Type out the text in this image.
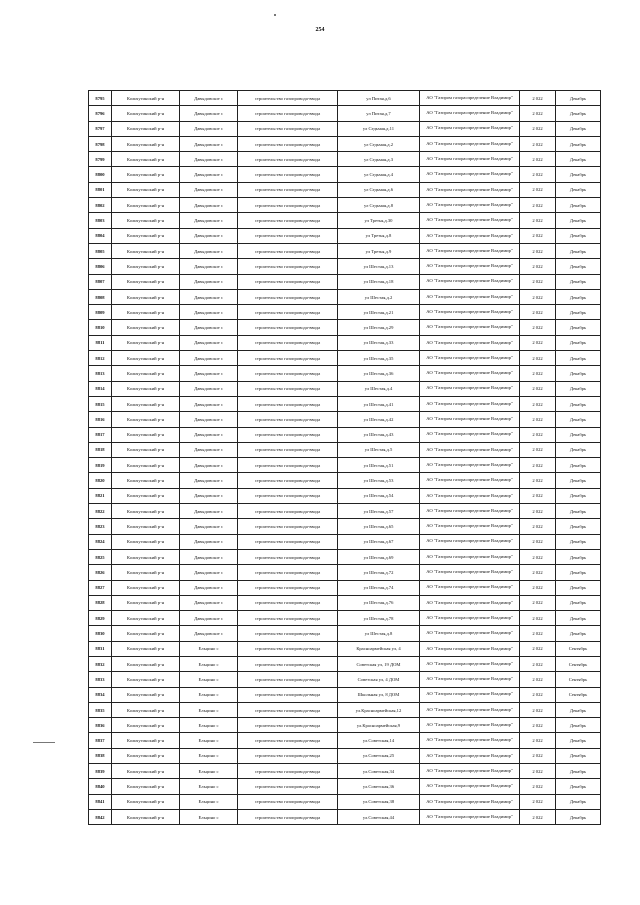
254
8795	Кольчугинский р-н	Давыдовское с	строительство газопровода-ввода	ул Питая,д.6	АО "Газпром газораспределение Владимир"	2 022	Декабрь
8796	Кольчугинский р-н	Давыдовское с	строительство газопровода-ввода	ул Питая,д.7	АО "Газпром газораспределение Владимир"	2 022	Декабрь
8797	Кольчугинский р-н	Давыдовское с	строительство газопровода-ввода	ул Седьмая,д.11	АО "Газпром газораспределение Владимир"	2 022	Декабрь
8798	Кольчугинский р-н	Давыдовское с	строительство газопровода-ввода	ул Седьмая,д.2	АО "Газпром газораспределение Владимир"	2 022	Декабрь
8799	Кольчугинский р-н	Давыдовское с	строительство газопровода-ввода	ул Седьмая,д.3	АО "Газпром газораспределение Владимир"	2 022	Декабрь
8800	Кольчугинский р-н	Давыдовское с	строительство газопровода-ввода	ул Седьмая,д.4	АО "Газпром газораспределение Владимир"	2 022	Декабрь
8801	Кольчугинский р-н	Давыдовское с	строительство газопровода-ввода	ул Седьмая,д.6	АО "Газпром газораспределение Владимир"	2 022	Декабрь
8802	Кольчугинский р-н	Давыдовское с	строительство газопровода-ввода	ул Седьмая,д.8	АО "Газпром газораспределение Владимир"	2 022	Декабрь
8803	Кольчугинский р-н	Давыдовское с	строительство газопровода-ввода	ул Третья,д.30	АО "Газпром газораспределение Владимир"	2 022	Декабрь
8804	Кольчугинский р-н	Давыдовское с	строительство газопровода-ввода	ул Третья,д.8	АО "Газпром газораспределение Владимир"	2 022	Декабрь
8805	Кольчугинский р-н	Давыдовское с	строительство газопровода-ввода	ул Третья,д.9	АО "Газпром газораспределение Владимир"	2 022	Декабрь
8806	Кольчугинский р-н	Давыдовское с	строительство газопровода-ввода	ул Шестая,д.13	АО "Газпром газораспределение Владимир"	2 022	Декабрь
8807	Кольчугинский р-н	Давыдовское с	строительство газопровода-ввода	ул Шестая,д.18	АО "Газпром газораспределение Владимир"	2 022	Декабрь
8808	Кольчугинский р-н	Давыдовское с	строительство газопровода-ввода	ул Шестая,д.2	АО "Газпром газораспределение Владимир"	2 022	Декабрь
8809	Кольчугинский р-н	Давыдовское с	строительство газопровода-ввода	ул Шестая,д.21	АО "Газпром газораспределение Владимир"	2 022	Декабрь
8810	Кольчугинский р-н	Давыдовское с	строительство газопровода-ввода	ул Шестая,д.29	АО "Газпром газораспределение Владимир"	2 022	Декабрь
8811	Кольчугинский р-н	Давыдовское с	строительство газопровода-ввода	ул Шестая,д.33	АО "Газпром газораспределение Владимир"	2 022	Декабрь
8812	Кольчугинский р-н	Давыдовское с	строительство газопровода-ввода	ул Шестая,д.35	АО "Газпром газораспределение Владимир"	2 022	Декабрь
8813	Кольчугинский р-н	Давыдовское с	строительство газопровода-ввода	ул Шестая,д.36	АО "Газпром газораспределение Владимир"	2 022	Декабрь
8814	Кольчугинский р-н	Давыдовское с	строительство газопровода-ввода	ул Шестая,д.4	АО "Газпром газораспределение Владимир"	2 022	Декабрь
8815	Кольчугинский р-н	Давыдовское с	строительство газопровода-ввода	ул Шестая,д.41	АО "Газпром газораспределение Владимир"	2 022	Декабрь
8816	Кольчугинский р-н	Давыдовское с	строительство газопровода-ввода	ул Шестая,д.42	АО "Газпром газораспределение Владимир"	2 022	Декабрь
8817	Кольчугинский р-н	Давыдовское с	строительство газопровода-ввода	ул Шестая,д.43	АО "Газпром газораспределение Владимир"	2 022	Декабрь
8818	Кольчугинский р-н	Давыдовское с	строительство газопровода-ввода	ул Шестая,д.5	АО "Газпром газораспределение Владимир"	2 022	Декабрь
8819	Кольчугинский р-н	Давыдовское с	строительство газопровода-ввода	ул Шестая,д.51	АО "Газпром газораспределение Владимир"	2 022	Декабрь
8820	Кольчугинский р-н	Давыдовское с	строительство газопровода-ввода	ул Шестая,д.53	АО "Газпром газораспределение Владимир"	2 022	Декабрь
8821	Кольчугинский р-н	Давыдовское с	строительство газопровода-ввода	ул Шестая,д.54	АО "Газпром газораспределение Владимир"	2 022	Декабрь
8822	Кольчугинский р-н	Давыдовское с	строительство газопровода-ввода	ул Шестая,д.57	АО "Газпром газораспределение Владимир"	2 022	Декабрь
8823	Кольчугинский р-н	Давыдовское с	строительство газопровода-ввода	ул Шестая,д.65	АО "Газпром газораспределение Владимир"	2 022	Декабрь
8824	Кольчугинский р-н	Давыдовское с	строительство газопровода-ввода	ул Шестая,д.67	АО "Газпром газораспределение Владимир"	2 022	Декабрь
8825	Кольчугинский р-н	Давыдовское с	строительство газопровода-ввода	ул Шестая,д.69	АО "Газпром газораспределение Владимир"	2 022	Декабрь
8826	Кольчугинский р-н	Давыдовское с	строительство газопровода-ввода	ул Шестая,д.72	АО "Газпром газораспределение Владимир"	2 022	Декабрь
8827	Кольчугинский р-н	Давыдовское с	строительство газопровода-ввода	ул Шестая,д.74	АО "Газпром газораспределение Владимир"	2 022	Декабрь
8828	Кольчугинский р-н	Давыдовское с	строительство газопровода-ввода	ул Шестая,д.76	АО "Газпром газораспределение Владимир"	2 022	Декабрь
8829	Кольчугинский р-н	Давыдовское с	строительство газопровода-ввода	ул Шестая,д.78	АО "Газпром газораспределение Владимир"	2 022	Декабрь
8830	Кольчугинский р-н	Давыдовское с	строительство газопровода-ввода	ул Шестая,д.8	АО "Газпром газораспределение Владимир"	2 022	Декабрь
8831	Кольчугинский р-н	Ельцино с	строительство газопровода-ввода	Красноармейская ул, 4	АО "Газпром газораспределение Владимир"	2 022	Сентябрь
8832	Кольчугинский р-н	Ельцино с	строительство газопровода-ввода	Советская ул, 19 ДОМ	АО "Газпром газораспределение Владимир"	2 022	Сентябрь
8833	Кольчугинский р-н	Ельцино с	строительство газопровода-ввода	Советская ул, 4 ДОМ	АО "Газпром газораспределение Владимир"	2 022	Сентябрь
8834	Кольчугинский р-н	Ельцино с	строительство газопровода-ввода	Школьная ул, 8 ДОМ	АО "Газпром газораспределение Владимир"	2 022	Сентябрь
8835	Кольчугинский р-н	Ельцино с	строительство газопровода-ввода	ул.Красноармейская,12	АО "Газпром газораспределение Владимир"	2 022	Декабрь
8836	Кольчугинский р-н	Ельцино с	строительство газопровода-ввода	ул.Красноармейская,9	АО "Газпром газораспределение Владимир"	2 022	Декабрь
8837	Кольчугинский р-н	Ельцино с	строительство газопровода-ввода	ул.Советская,14	АО "Газпром газораспределение Владимир"	2 022	Декабрь
8838	Кольчугинский р-н	Ельцино с	строительство газопровода-ввода	ул.Советская,25	АО "Газпром газораспределение Владимир"	2 022	Декабрь
8839	Кольчугинский р-н	Ельцино с	строительство газопровода-ввода	ул.Советская,34	АО "Газпром газораспределение Владимир"	2 022	Декабрь
8840	Кольчугинский р-н	Ельцино с	строительство газопровода-ввода	ул.Советская,36	АО "Газпром газораспределение Владимир"	2 022	Декабрь
8841	Кольчугинский р-н	Ельцино с	строительство газопровода-ввода	ул.Советская,38	АО "Газпром газораспределение Владимир"	2 022	Декабрь
8842	Кольчугинский р-н	Ельцино с	строительство газопровода-ввода	ул.Советская,44	АО "Газпром газораспределение Владимир"	2 022	Декабрь
